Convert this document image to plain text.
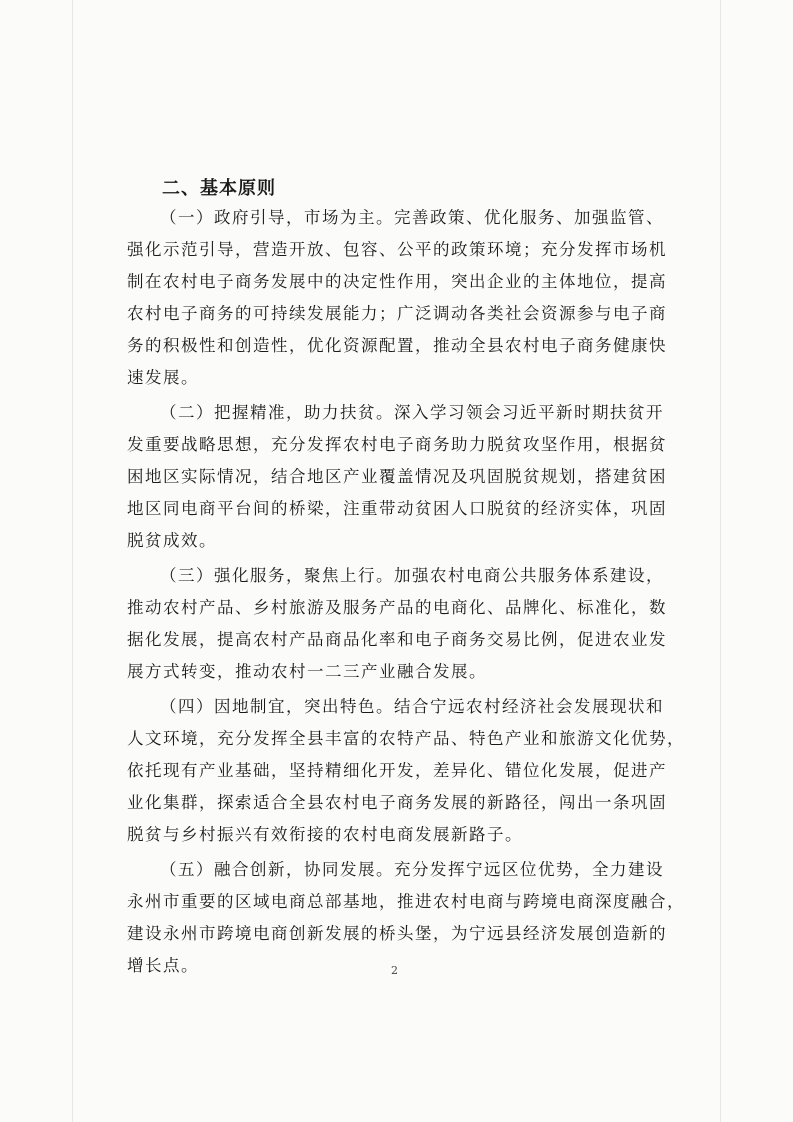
二、基本原则
（一）政府引导，市场为主。完善政策、优化服务、加强监管、
强化示范引导，营造开放、包容、公平的政策环境；充分发挥市场机
制在农村电子商务发展中的决定性作用，突出企业的主体地位，提高
农村电子商务的可持续发展能力；广泛调动各类社会资源参与电子商
务的积极性和创造性，优化资源配置，推动全县农村电子商务健康快
速发展。
（二）把握精准，助力扶贫。深入学习领会习近平新时期扶贫开
发重要战略思想，充分发挥农村电子商务助力脱贫攻坚作用，根据贫
困地区实际情况，结合地区产业覆盖情况及巩固脱贫规划，搭建贫困
地区同电商平台间的桥梁，注重带动贫困人口脱贫的经济实体，巩固
脱贫成效。
（三）强化服务，聚焦上行。加强农村电商公共服务体系建设，
推动农村产品、乡村旅游及服务产品的电商化、品牌化、标准化，数
据化发展，提高农村产品商品化率和电子商务交易比例，促进农业发
展方式转变，推动农村一二三产业融合发展。
（四）因地制宜，突出特色。结合宁远农村经济社会发展现状和
人文环境，充分发挥全县丰富的农特产品、特色产业和旅游文化优势，
依托现有产业基础，坚持精细化开发，差异化、错位化发展，促进产
业化集群，探索适合全县农村电子商务发展的新路径，闯出一条巩固
脱贫与乡村振兴有效衔接的农村电商发展新路子。
（五）融合创新，协同发展。充分发挥宁远区位优势，全力建设
永州市重要的区域电商总部基地，推进农村电商与跨境电商深度融合，
建设永州市跨境电商创新发展的桥头堡，为宁远县经济发展创造新的
增长点。	2
